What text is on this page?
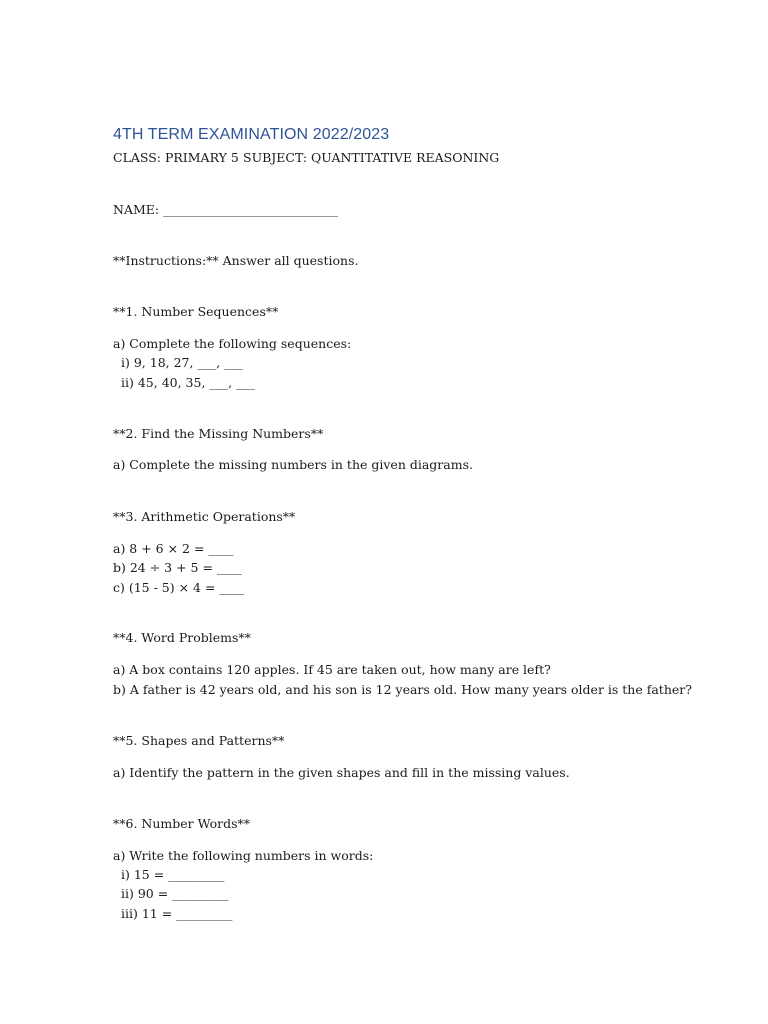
4TH TERM EXAMINATION 2022/2023
CLASS: PRIMARY 5 SUBJECT: QUANTITATIVE REASONING
NAME: ____________________________
**Instructions:** Answer all questions.
**1. Number Sequences**
a) Complete the following sequences:
i) 9, 18, 27, ___, ___
ii) 45, 40, 35, ___, ___
**2. Find the Missing Numbers**
a) Complete the missing numbers in the given diagrams.
**3. Arithmetic Operations**
a) 8 + 6 × 2 = ____
b) 24 ÷ 3 + 5 = ____
c) (15 - 5) × 4 = ____
**4. Word Problems**
a) A box contains 120 apples. If 45 are taken out, how many are left?
b) A father is 42 years old, and his son is 12 years old. How many years older is the father?
**5. Shapes and Patterns**
a) Identify the pattern in the given shapes and fill in the missing values.
**6. Number Words**
a) Write the following numbers in words:
i) 15 = _________
ii) 90 = _________
iii) 11 = _________
